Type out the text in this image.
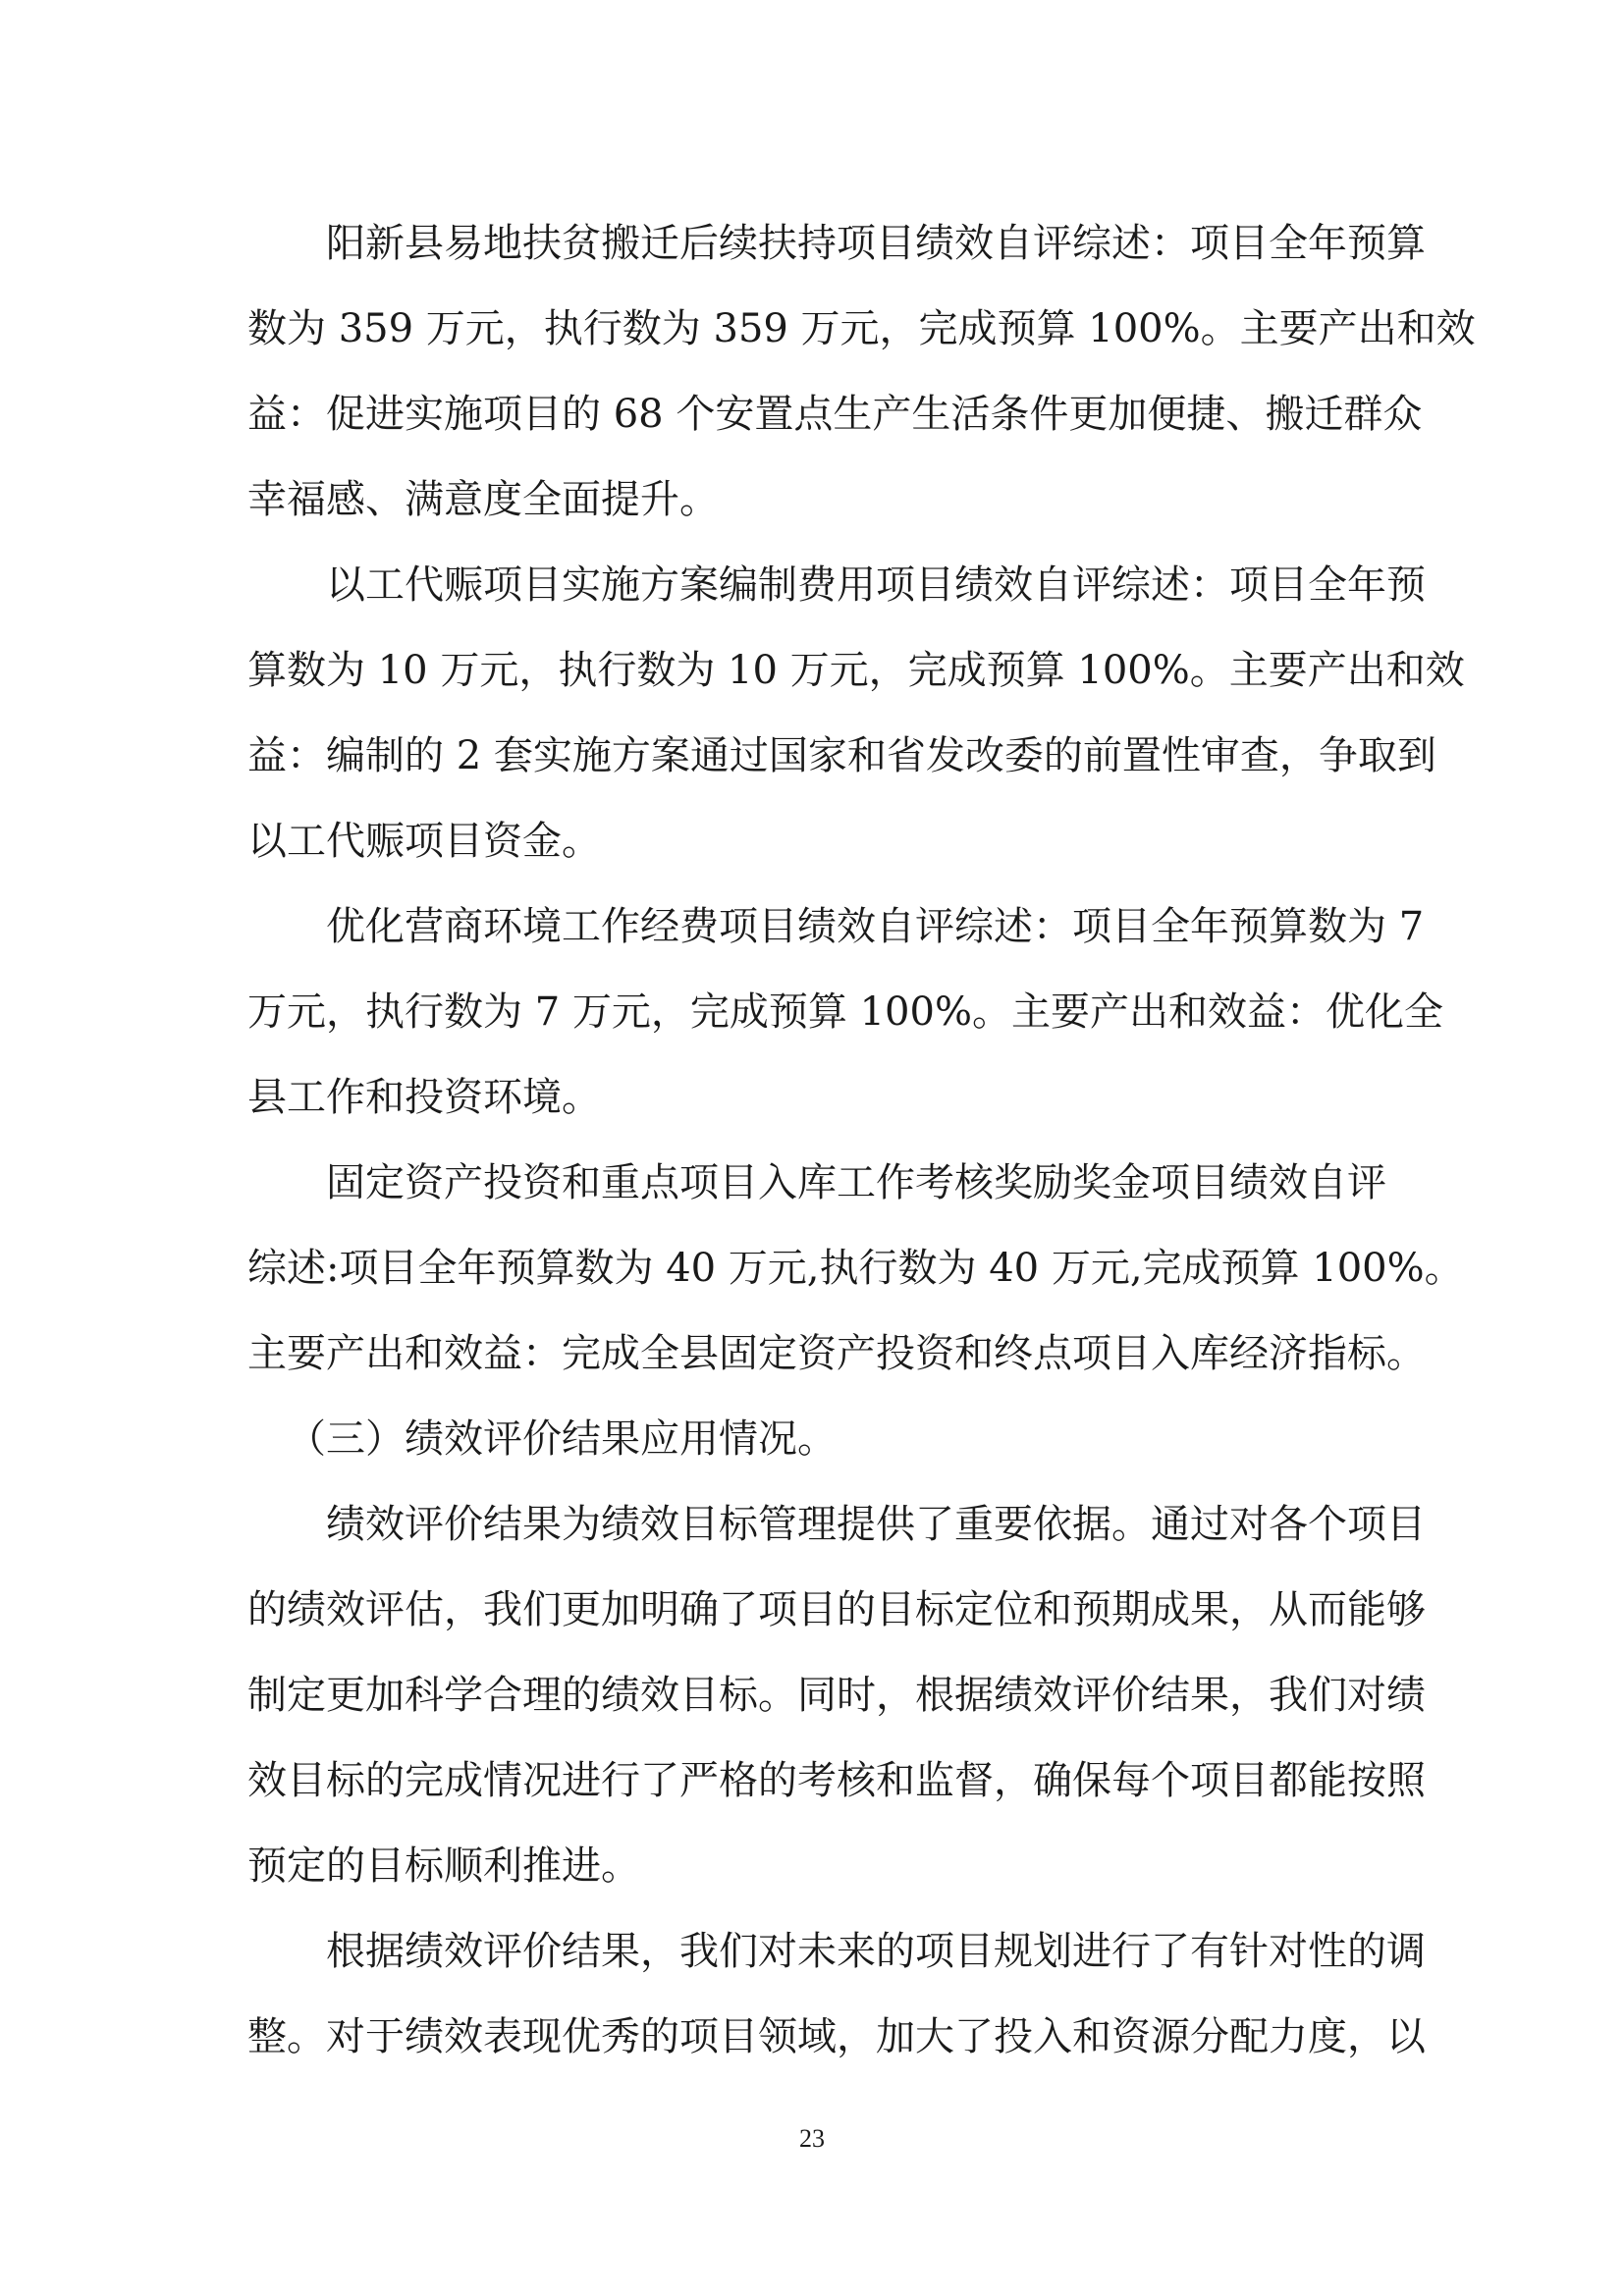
阳新县易地扶贫搬迁后续扶持项目绩效自评综述：项目全年预算
数为 359 万元，执行数为 359 万元，完成预算 100%。主要产出和效
益：促进实施项目的 68 个安置点生产生活条件更加便捷、搬迁群众
幸福感、满意度全面提升。
以工代赈项目实施方案编制费用项目绩效自评综述：项目全年预
算数为 10 万元，执行数为 10 万元，完成预算 100%。主要产出和效
益：编制的 2 套实施方案通过国家和省发改委的前置性审查，争取到
以工代赈项目资金。
优化营商环境工作经费项目绩效自评综述：项目全年预算数为 7
万元，执行数为 7 万元，完成预算 100%。主要产出和效益：优化全
县工作和投资环境。
固定资产投资和重点项目入库工作考核奖励奖金项目绩效自评
综述:项目全年预算数为 40 万元,执行数为 40 万元,完成预算 100%。
主要产出和效益：完成全县固定资产投资和终点项目入库经济指标。
（三）绩效评价结果应用情况。
绩效评价结果为绩效目标管理提供了重要依据。通过对各个项目
的绩效评估，我们更加明确了项目的目标定位和预期成果，从而能够
制定更加科学合理的绩效目标。同时，根据绩效评价结果，我们对绩
效目标的完成情况进行了严格的考核和监督，确保每个项目都能按照
预定的目标顺利推进。
根据绩效评价结果，我们对未来的项目规划进行了有针对性的调
整。对于绩效表现优秀的项目领域，加大了投入和资源分配力度，以
23
